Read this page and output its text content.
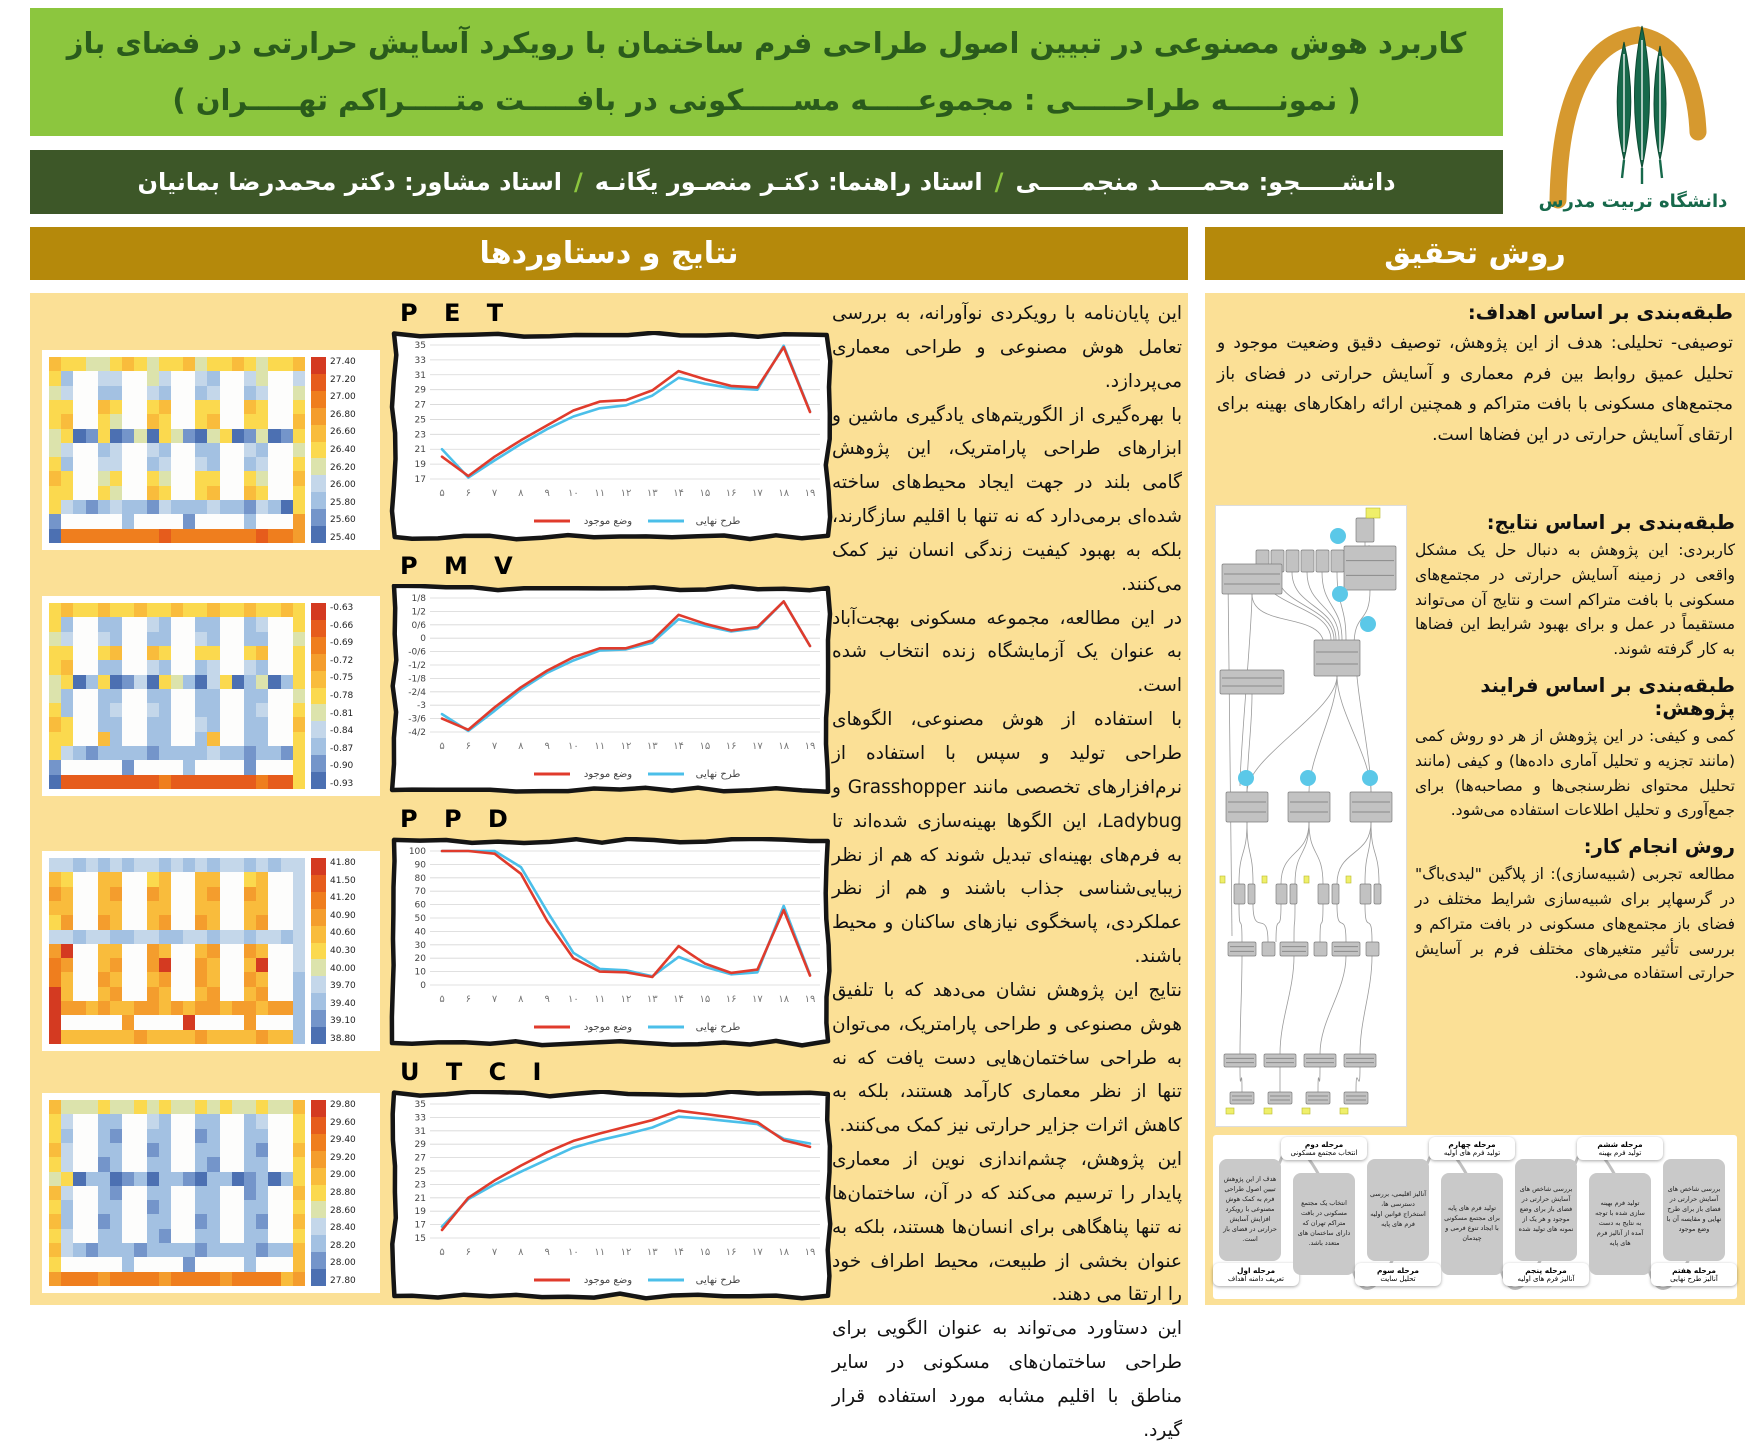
کاربرد هوش مصنوعی در تبیین اصول طراحی فرم ساختمان با رویکرد آسایش حرارتی در فضای باز
( نمونـــــه طراحـــــی : مجموعـــــه مســـــکونی در بافـــــت متـــــراکم تهـــــران )
دانشـــــجو: محمـــــد منجمـــــی
/
استاد راهنما: دکتـر منصـور یگانـه
/
استاد مشاور: دکتر محمدرضا بمانیان
دانشگاه تربیت مدرس
نتایج و دستاوردها	روش تحقیق
27.40
27.20
27.00
26.80
26.60
26.40
26.20
26.00
25.80
25.60
25.40
-0.63
-0.66
-0.69
-0.72
-0.75
-0.78
-0.81
-0.84
-0.87
-0.90
-0.93
41.80
41.50
41.20
40.90
40.60
40.30
40.00
39.70
39.40
39.10
38.80
29.80
29.60
29.40
29.20
29.00
28.80
28.60
28.40
28.20
28.00
27.80
P E T
35
33
31
29
27
25
23
21
19
17
۵ ۶ ۷ ۸ ۹ ۱۰ ۱۱ ۱۲ ۱۳ ۱۴ ۱۵ ۱۶ ۱۷ ۱۸ ۱۹
وضع موجود	طرح نهایی
P M V
1/8
1/2
0/6
0
-0/6
-1/2
-1/8
-2/4
-3
-3/6
-4/2
۵ ۶ ۷ ۸ ۹ ۱۰ ۱۱ ۱۲ ۱۳ ۱۴ ۱۵ ۱۶ ۱۷ ۱۸ ۱۹
وضع موجود	طرح نهایی
P P D
100
90
80
70
60
50
40
30
20
10
0
۵ ۶ ۷ ۸ ۹ ۱۰ ۱۱ ۱۲ ۱۳ ۱۴ ۱۵ ۱۶ ۱۷ ۱۸ ۱۹
وضع موجود	طرح نهایی
U T C I
35
33
31
29
27
25
23
21
19
17
15
۵ ۶ ۷ ۸ ۹ ۱۰ ۱۱ ۱۲ ۱۳ ۱۴ ۱۵ ۱۶ ۱۷ ۱۸ ۱۹
وضع موجود	طرح نهایی

این پایان‌نامه با رویکردی نوآورانه، به بررسی تعامل هوش مصنوعی و طراحی معماری می‌پردازد.

با بهره‌گیری از الگوریتم‌های یادگیری ماشین و ابزارهای طراحی پارامتریک، این پژوهش گامی بلند در جهت ایجاد محیط‌های ساخته شده‌ای برمی‌دارد که نه تنها با اقلیم سازگارند، بلکه به بهبود کیفیت زندگی انسان نیز کمک می‌کنند.

در این مطالعه، مجموعه مسکونی بهجت‌آباد به عنوان یک آزمایشگاه زنده انتخاب شده است.

با استفاده از هوش مصنوعی، الگوهای طراحی تولید و سپس با استفاده از نرم‌افزارهای تخصصی مانند Grasshopper و Ladybug، این الگوها بهینه‌سازی شده‌اند تا به فرم‌های بهینه‌ای تبدیل شوند که هم از نظر زیبایی‌شناسی جذاب باشند و هم از نظر عملکردی، پاسخگوی نیازهای ساکنان و محیط باشند.

نتایج این پژوهش نشان می‌دهد که با تلفیق هوش مصنوعی و طراحی پارامتریک، می‌توان به طراحی ساختمان‌هایی دست یافت که نه تنها از نظر معماری کارآمد هستند، بلکه به کاهش اثرات جزایر حرارتی نیز کمک می‌کنند.

این پژوهش، چشم‌اندازی نوین از معماری پایدار را ترسیم می‌کند که در آن، ساختمان‌ها نه تنها پناهگاهی برای انسان‌ها هستند، بلکه به عنوان بخشی از طبیعت، محیط اطراف خود را ارتقا می دهند.

این دستاورد می‌تواند به عنوان الگویی برای طراحی ساختمان‌های مسکونی در سایر مناطق با اقلیم مشابه مورد استفاده قرار گیرد.

طبقه‌بندی بر اساس اهداف:
توصیفی- تحلیلی: هدف از این پژوهش، توصیف دقیق وضعیت موجود و تحلیل عمیق روابط بین فرم معماری و آسایش حرارتی در فضای باز مجتمع‌های مسکونی با بافت متراکم و همچنین ارائه راهکارهای بهینه برای ارتقای آسایش حرارتی در این فضاها است.
طبقه‌بندی بر اساس نتایج:
کاربردی: این پژوهش به دنبال حل یک مشکل واقعی در زمینه آسایش حرارتی در مجتمع‌های مسکونی با بافت متراکم است و نتایج آن می‌تواند مستقیماً در عمل و برای بهبود شرایط این فضاها به کار گرفته شوند.
طبقه‌بندی بر اساس فرایند پژوهش:
کمی و کیفی: در این پژوهش از هر دو روش کمی (مانند تجزیه و تحلیل آماری داده‌ها) و کیفی (مانند تحلیل محتوای نظرسنجی‌ها و مصاحبه‌ها) برای جمع‌آوری و تحلیل اطلاعات استفاده می‌شود.
روش انجام کار:
مطالعه تجربی (شبیه‌سازی): از پلاگین "لیدی‌باگ" در گرسهاپر برای شبیه‌سازی شرایط مختلف در فضای باز مجتمع‌های مسکونی در بافت متراکم و بررسی تأثیر متغیرهای مختلف فرم بر آسایش حرارتی استفاده می‌شود.
هدف از این پژوهش تبیین اصول طراحی فرم به کمک هوش مصنوعی با رویکرد افزایش آسایش حرارتی در فضای باز است.
مرحله اول
تعریف دامنه اهداف
انتخاب یک مجتمع مسکونی در بافت متراکم تهران که دارای ساختمان های متعدد باشد.
مرحله دوم
انتخاب مجتمع مسکونی
آنالیز اقلیمی، بررسی دسترسی ها، استخراج قوانین اولیه فرم های پایه
مرحله سوم
تحلیل سایت
تولید فرم های پایه برای مجتمع مسکونی با ایجاد تنوع فرمی و چیدمان
مرحله چهارم
تولید فرم های اولیه
بررسی شاخص های آسایش حرارتی در فضای باز برای وضع موجود و هر یک از نمونه های تولید شده
مرحله پنجم
آنالیز فرم های اولیه
تولید فرم بهینه سازی شده با توجه به نتایج به دست آمده از آنالیز فرم های پایه
مرحله ششم
تولید فرم بهینه
بررسی شاخص های آسایش حرارتی در فضای باز برای طرح نهایی و مقایسه آن با وضع موجود
مرحله هفتم
آنالیز طرح نهایی
